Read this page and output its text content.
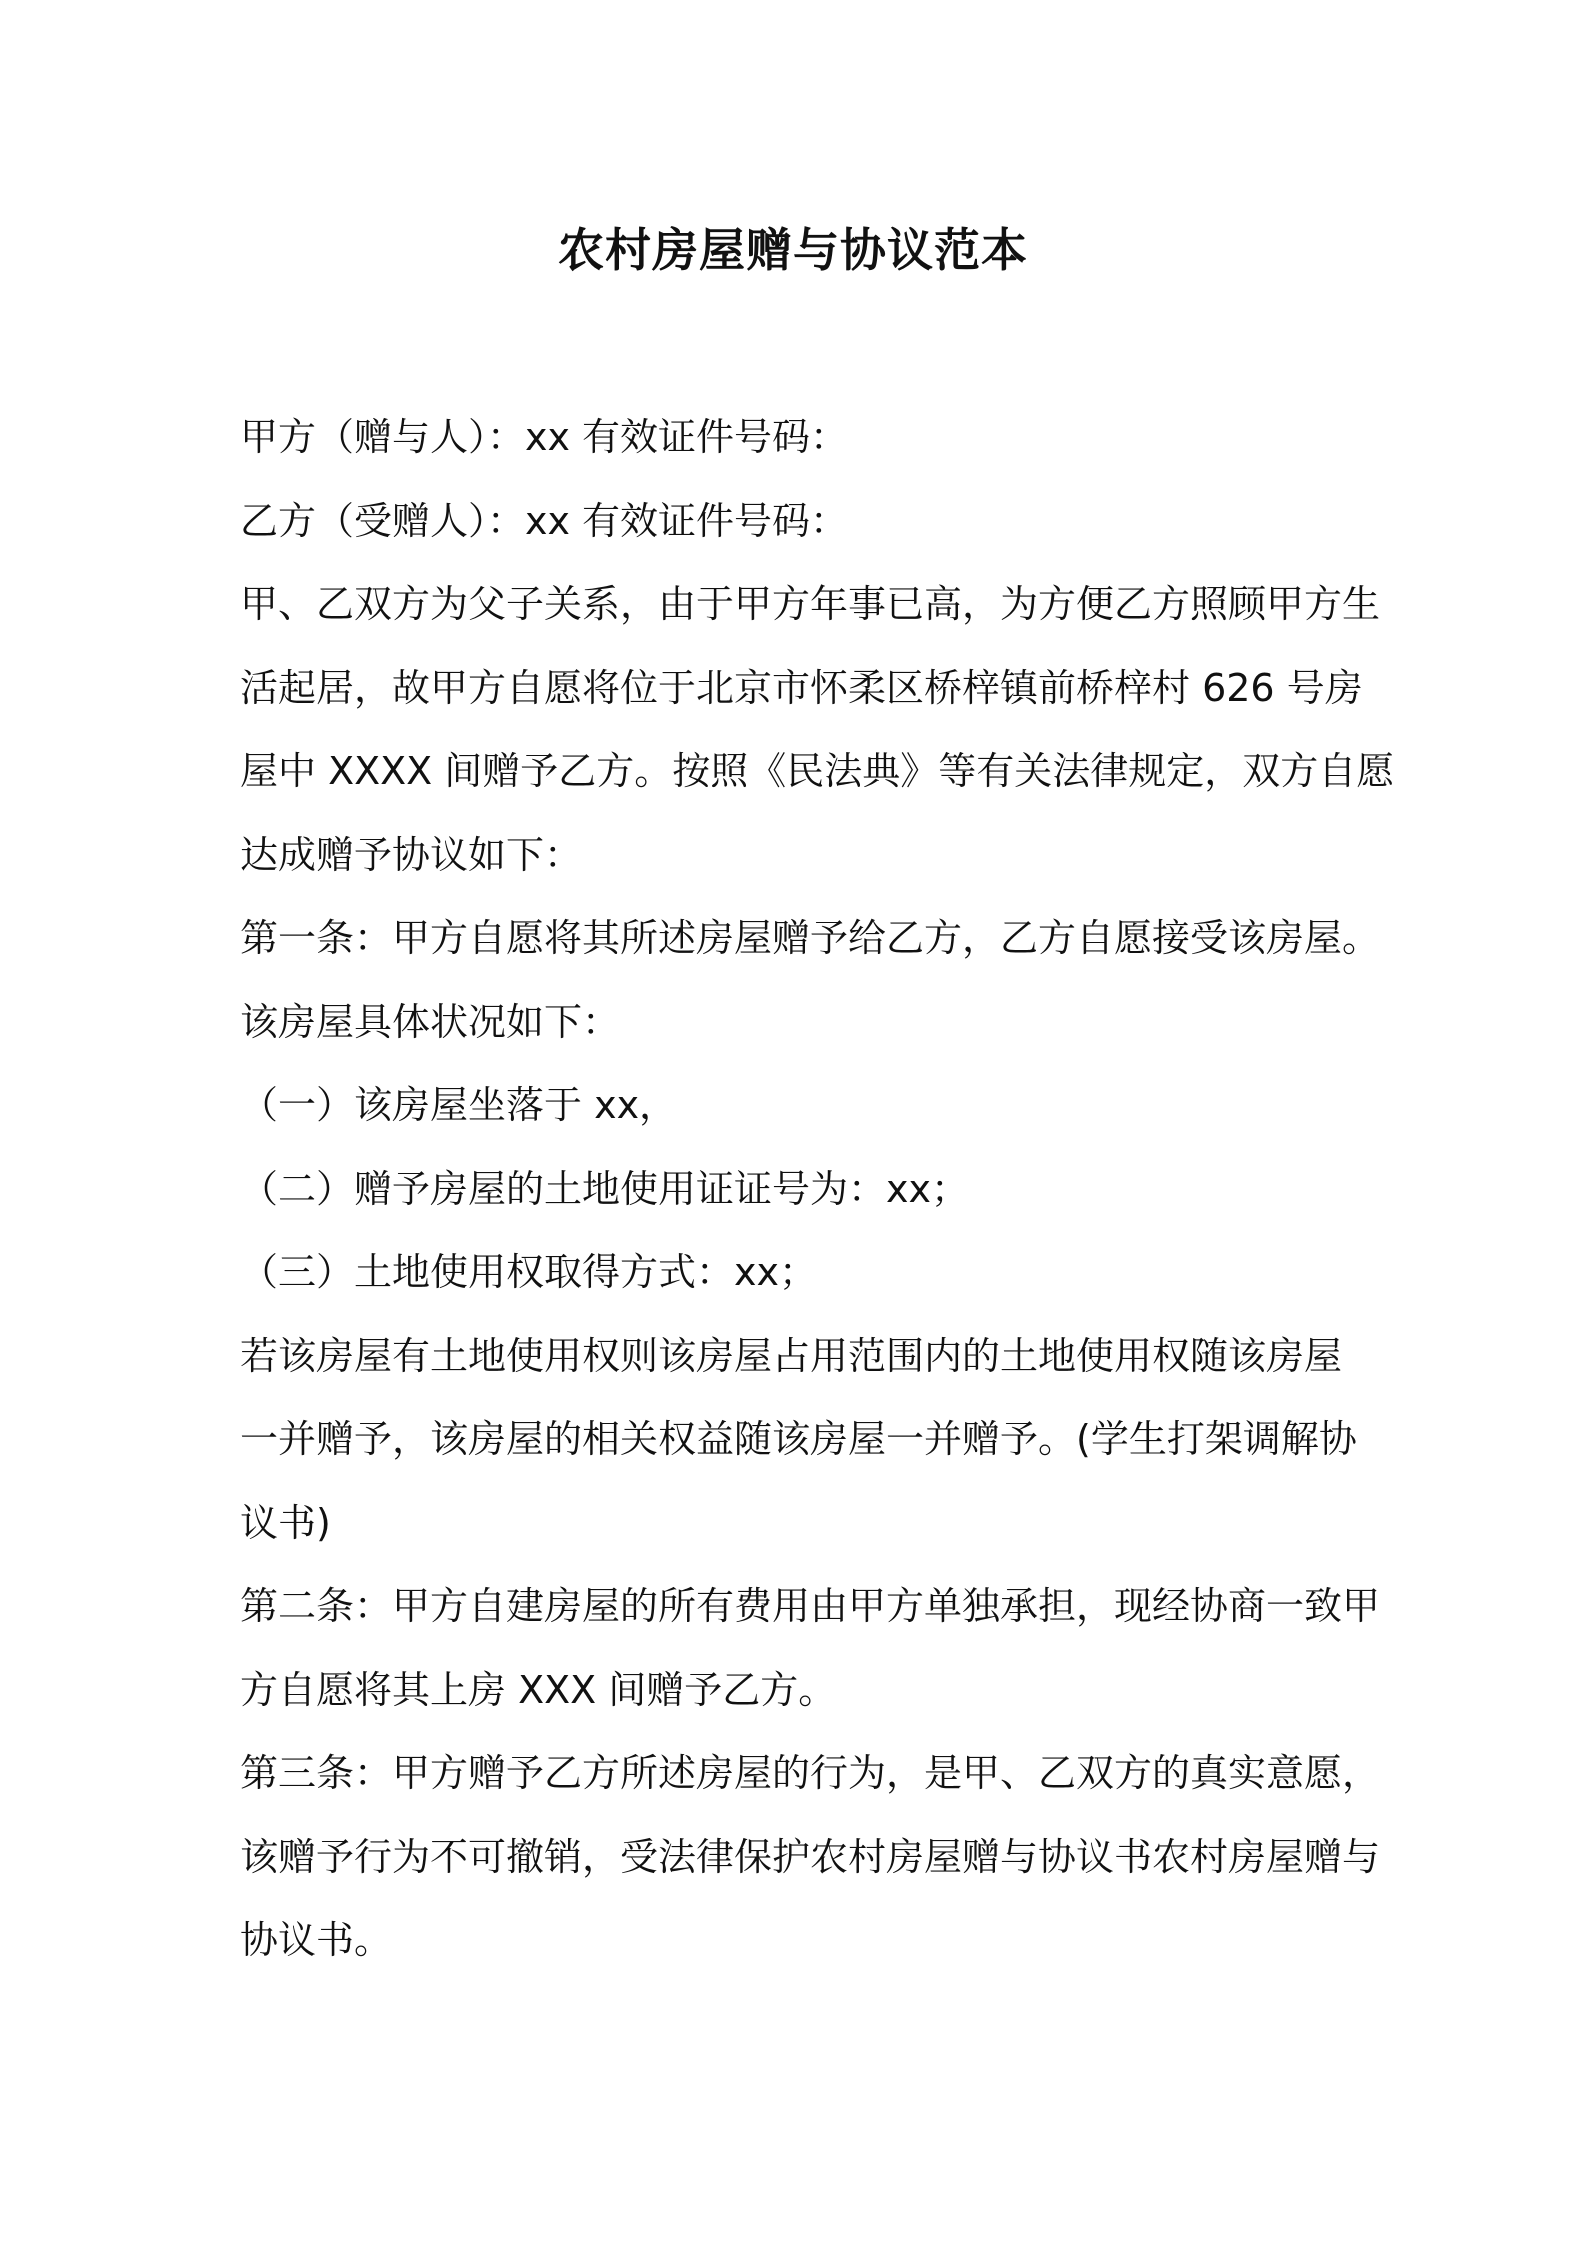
农村房屋赠与协议范本
甲方（赠与人）：xx 有效证件号码：
乙方（受赠人）：xx 有效证件号码：
甲、乙双方为父子关系，由于甲方年事已高，为方便乙方照顾甲方生
活起居，故甲方自愿将位于北京市怀柔区桥梓镇前桥梓村 626 号房
屋中 XXXX 间赠予乙方。按照《民法典》等有关法律规定，双方自愿
达成赠予协议如下：
第一条：甲方自愿将其所述房屋赠予给乙方，乙方自愿接受该房屋。
该房屋具体状况如下：
（一）该房屋坐落于 xx，
（二）赠予房屋的土地使用证证号为：xx；
（三）土地使用权取得方式：xx；
若该房屋有土地使用权则该房屋占用范围内的土地使用权随该房屋
一并赠予，该房屋的相关权益随该房屋一并赠予。(学生打架调解协
议书)
第二条：甲方自建房屋的所有费用由甲方单独承担，现经协商一致甲
方自愿将其上房 XXX 间赠予乙方。
第三条：甲方赠予乙方所述房屋的行为，是甲、乙双方的真实意愿，
该赠予行为不可撤销，受法律保护农村房屋赠与协议书农村房屋赠与
协议书。
